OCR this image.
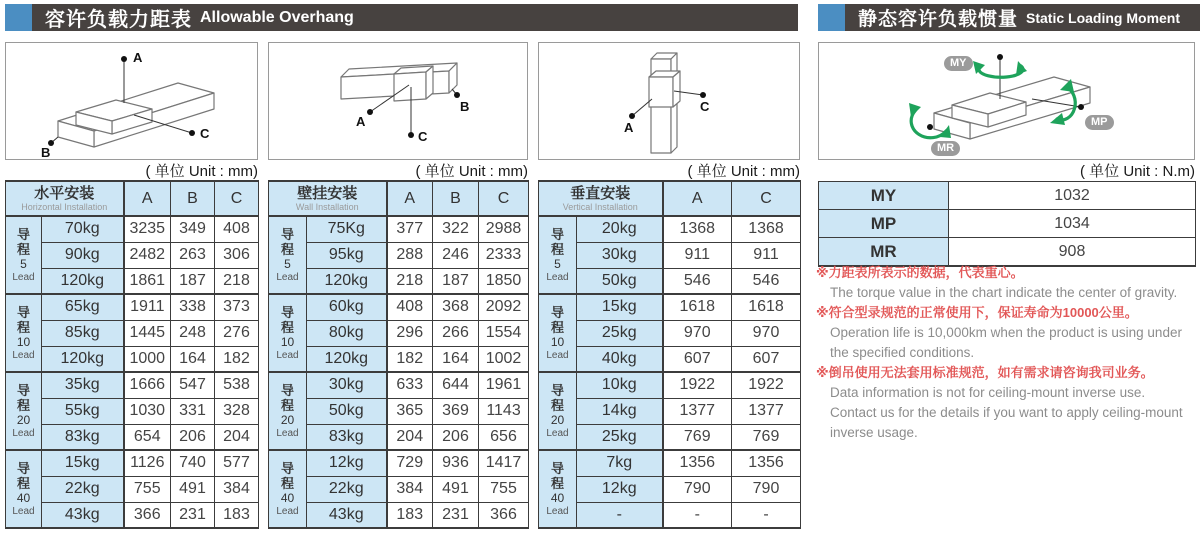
容许负载力距表 Allowable Overhang	静态容许负载惯量 Static Loading Moment
A
B
C
A
B
C
A
C
MY
MP
MR
( 单位 Unit : mm)	( 单位 Unit : mm)	( 单位 Unit : mm)	( 单位 Unit : N.m)
水平安装
Horizontal Installation		A	B	C

导
程
5
Lead	70kg	3235	349	408
	90kg	2482	263	306
	120kg	1861	187	218

导
程
10
Lead	65kg	1911	338	373
	85kg	1445	248	276
	120kg	1000	164	182

导
程
20
Lead	35kg	1666	547	538
	55kg	1030	331	328
	83kg	654	206	204

导
程
40
Lead	15kg	1126	740	577
	22kg	755	491	384
	43kg	366	231	183
壁挂安装
Wall Installation		A	B	C

导
程
5
Lead	75Kg	377	322	2988
	95kg	288	246	2333
	120kg	218	187	1850

导
程
10
Lead	60kg	408	368	2092
	80kg	296	266	1554
	120kg	182	164	1002

导
程
20
Lead	30kg	633	644	1961
	50kg	365	369	1143
	83kg	204	206	656

导
程
40
Lead	12kg	729	936	1417
	22kg	384	491	755
	43kg	183	231	366
垂直安装
Vertical Installation		A	C

导
程
5
Lead	20kg	1368	1368
	30kg	911	911
	50kg	546	546

导
程
10
Lead	15kg	1618	1618
	25kg	970	970
	40kg	607	607

导
程
20
Lead	10kg	1922	1922
	14kg	1377	1377
	25kg	769	769

导
程
40
Lead	7kg	1356	1356
	12kg	790	790
	-	-	-
MY	1032
MP	1034
MR	908
※力距表所表示的数据，代表重心。
The torque value in the chart indicate the center of gravity.
※符合型录规范的正常使用下，保证寿命为10000公里。
Operation life is 10,000km when the product is using under the specified conditions.
※倒吊使用无法套用标准规范，如有需求请咨询我司业务。
Data information is not for ceiling-mount inverse use.
Contact us for the details if you want to apply ceiling-mount inverse usage.
